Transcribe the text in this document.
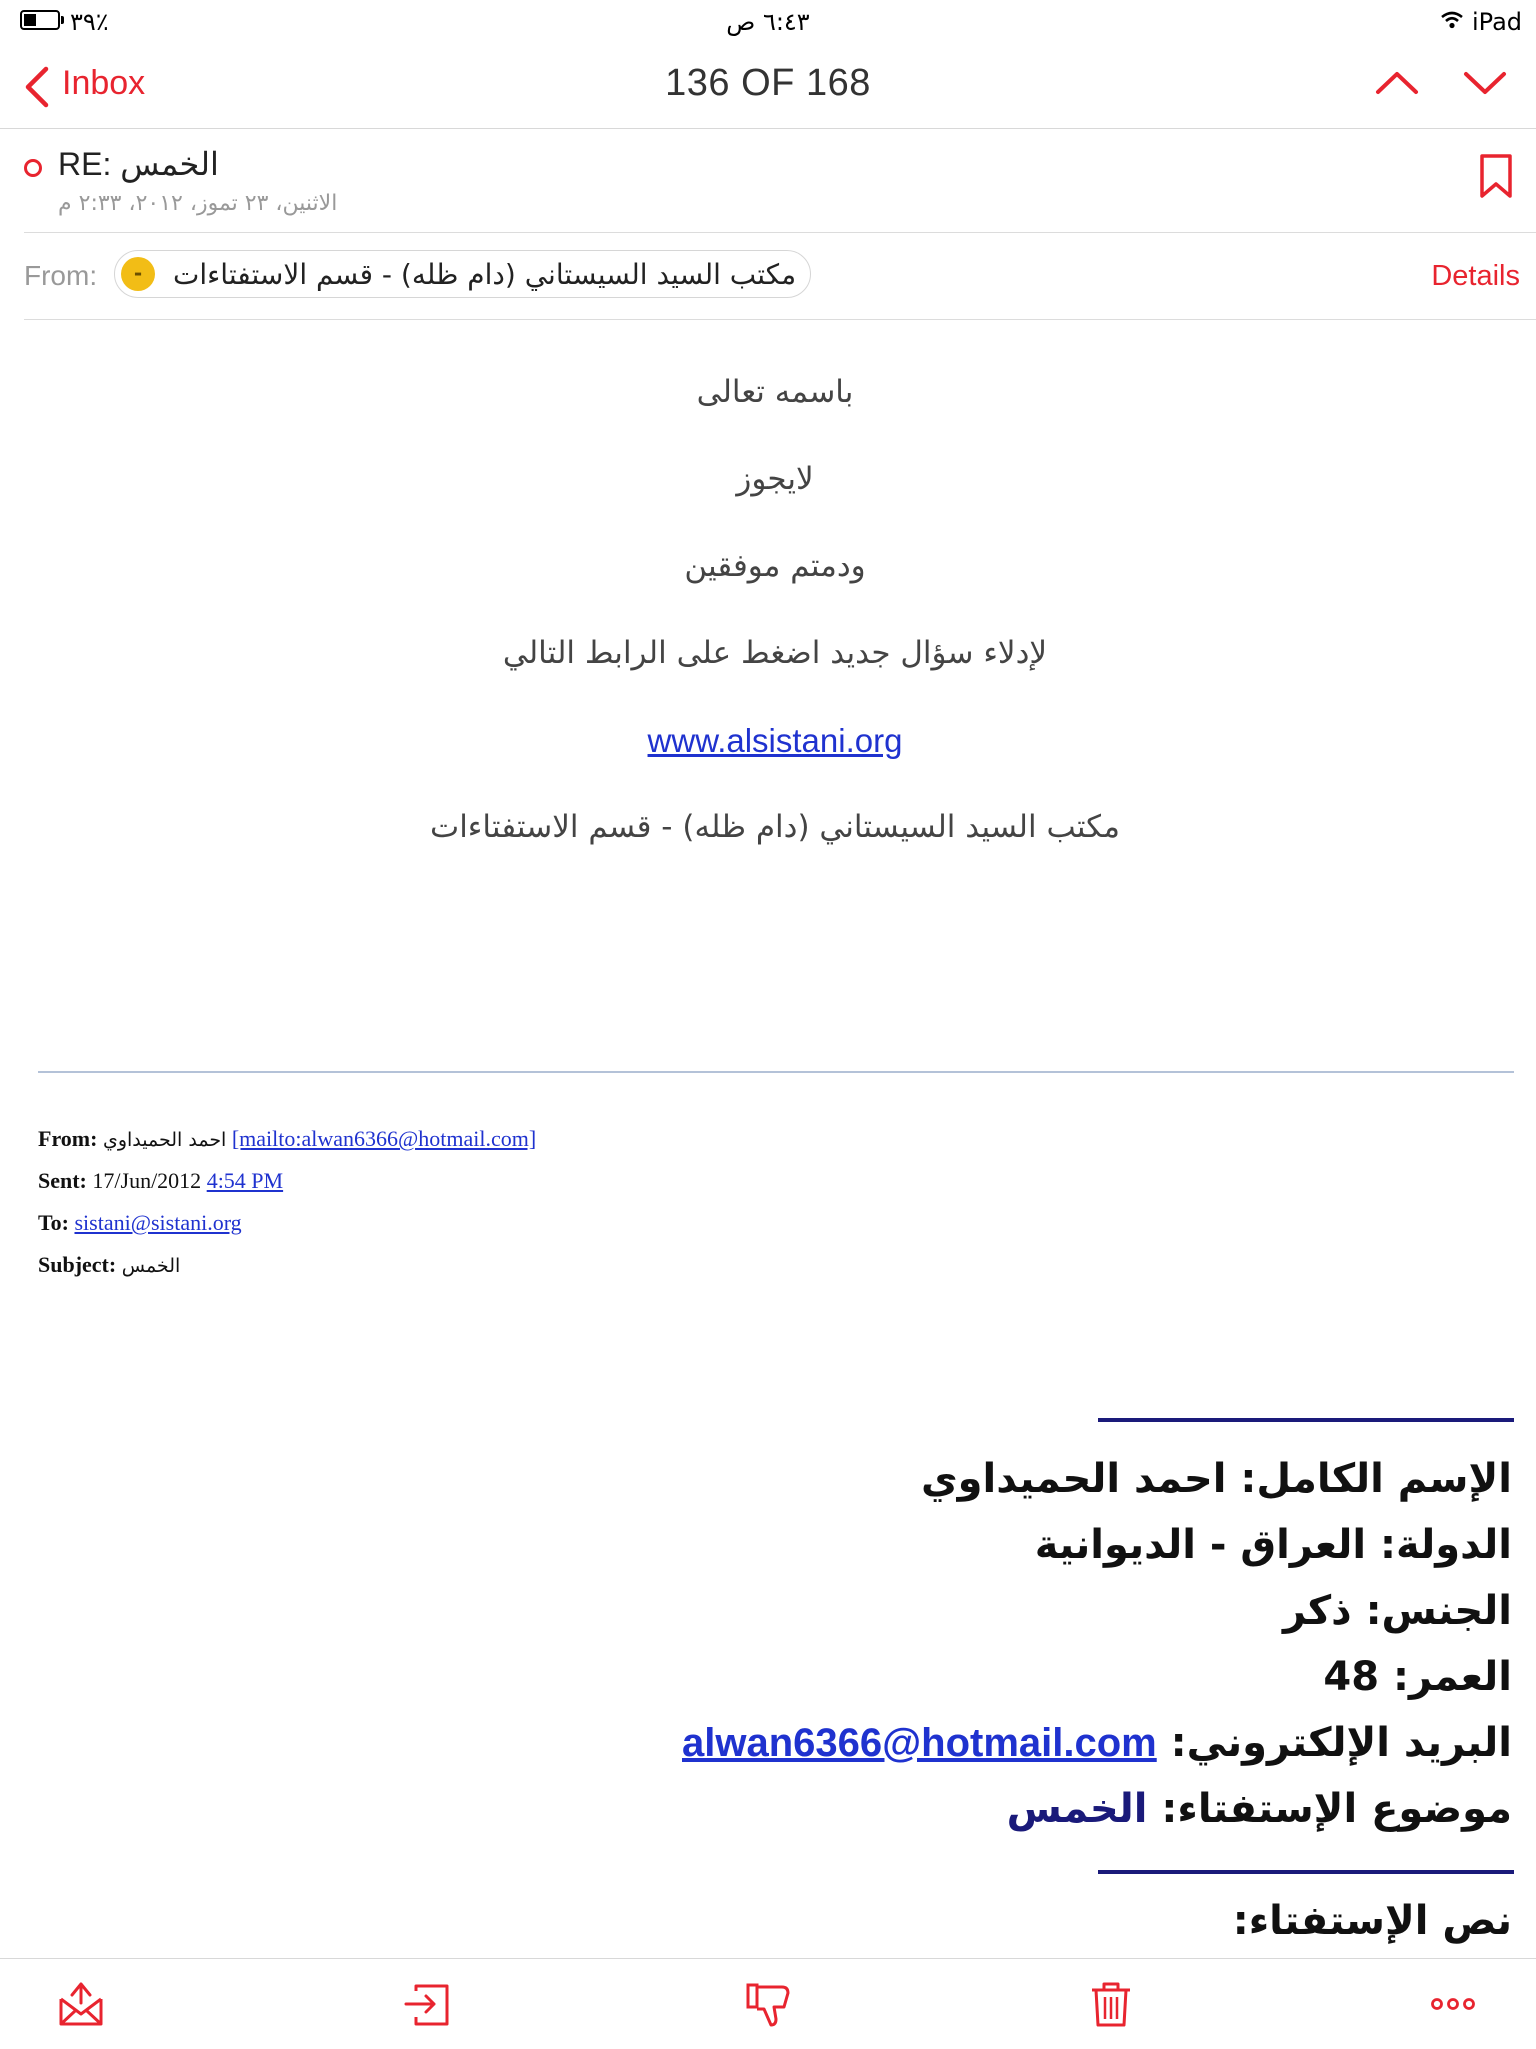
٣٩٪	٦:٤٣ ص	iPad
Inbox	136 OF 168
RE: الخمس
الاثنين، ٢٣ تموز، ٢٠١٢، ٢:٣٣ م
From:	-	مكتب السيد السيستاني (دام ظله) - قسم الاستفتاءات	Details
باسمه تعالى
لايجوز
ودمتم موفقين
لإدلاء سؤال جديد اضغط على الرابط التالي
www.alsistani.org
مكتب السيد السيستاني (دام ظله) - قسم الاستفتاءات
From: احمد الحميداوي [mailto:alwan6366@hotmail.com]
Sent: 17/Jun/2012 4:54 PM
To: sistani@sistani.org
Subject: الخمس
الإسم الكامل: احمد الحميداوي
الدولة: العراق - الديوانية
الجنس: ذكر
العمر: 48
البريد الإلكتروني: alwan6366@hotmail.com
موضوع الإستفتاء: الخمس
نص الإستفتاء:
